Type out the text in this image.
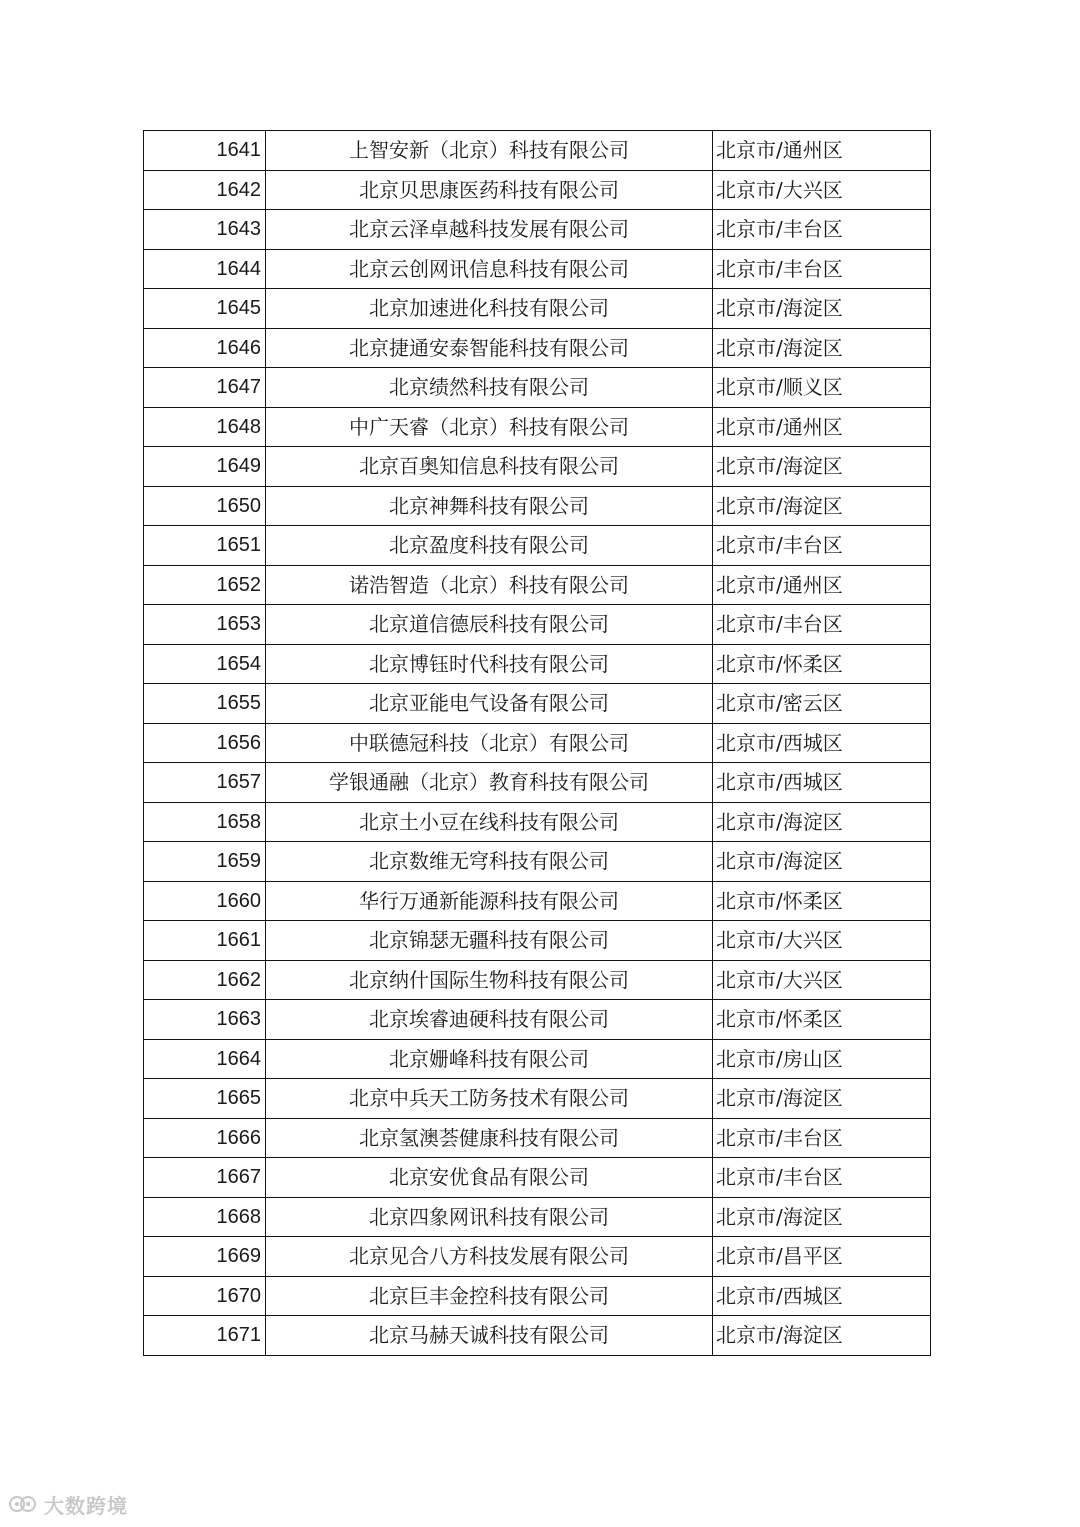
1641	上智安新（北京）科技有限公司	北京市/通州区
1642	北京贝思康医药科技有限公司	北京市/大兴区
1643	北京云泽卓越科技发展有限公司	北京市/丰台区
1644	北京云创网讯信息科技有限公司	北京市/丰台区
1645	北京加速进化科技有限公司	北京市/海淀区
1646	北京捷通安泰智能科技有限公司	北京市/海淀区
1647	北京绩然科技有限公司	北京市/顺义区
1648	中广天睿（北京）科技有限公司	北京市/通州区
1649	北京百奥知信息科技有限公司	北京市/海淀区
1650	北京神舞科技有限公司	北京市/海淀区
1651	北京盈度科技有限公司	北京市/丰台区
1652	诺浩智造（北京）科技有限公司	北京市/通州区
1653	北京道信德辰科技有限公司	北京市/丰台区
1654	北京博钰时代科技有限公司	北京市/怀柔区
1655	北京亚能电气设备有限公司	北京市/密云区
1656	中联德冠科技（北京）有限公司	北京市/西城区
1657	学银通融（北京）教育科技有限公司	北京市/西城区
1658	北京土小豆在线科技有限公司	北京市/海淀区
1659	北京数维无穹科技有限公司	北京市/海淀区
1660	华行万通新能源科技有限公司	北京市/怀柔区
1661	北京锦瑟无疆科技有限公司	北京市/大兴区
1662	北京纳什国际生物科技有限公司	北京市/大兴区
1663	北京埃睿迪硬科技有限公司	北京市/怀柔区
1664	北京姗峰科技有限公司	北京市/房山区
1665	北京中兵天工防务技术有限公司	北京市/海淀区
1666	北京氢澳荟健康科技有限公司	北京市/丰台区
1667	北京安优食品有限公司	北京市/丰台区
1668	北京四象网讯科技有限公司	北京市/海淀区
1669	北京见合八方科技发展有限公司	北京市/昌平区
1670	北京巨丰金控科技有限公司	北京市/西城区
1671	北京马赫天诚科技有限公司	北京市/海淀区
大数跨境
